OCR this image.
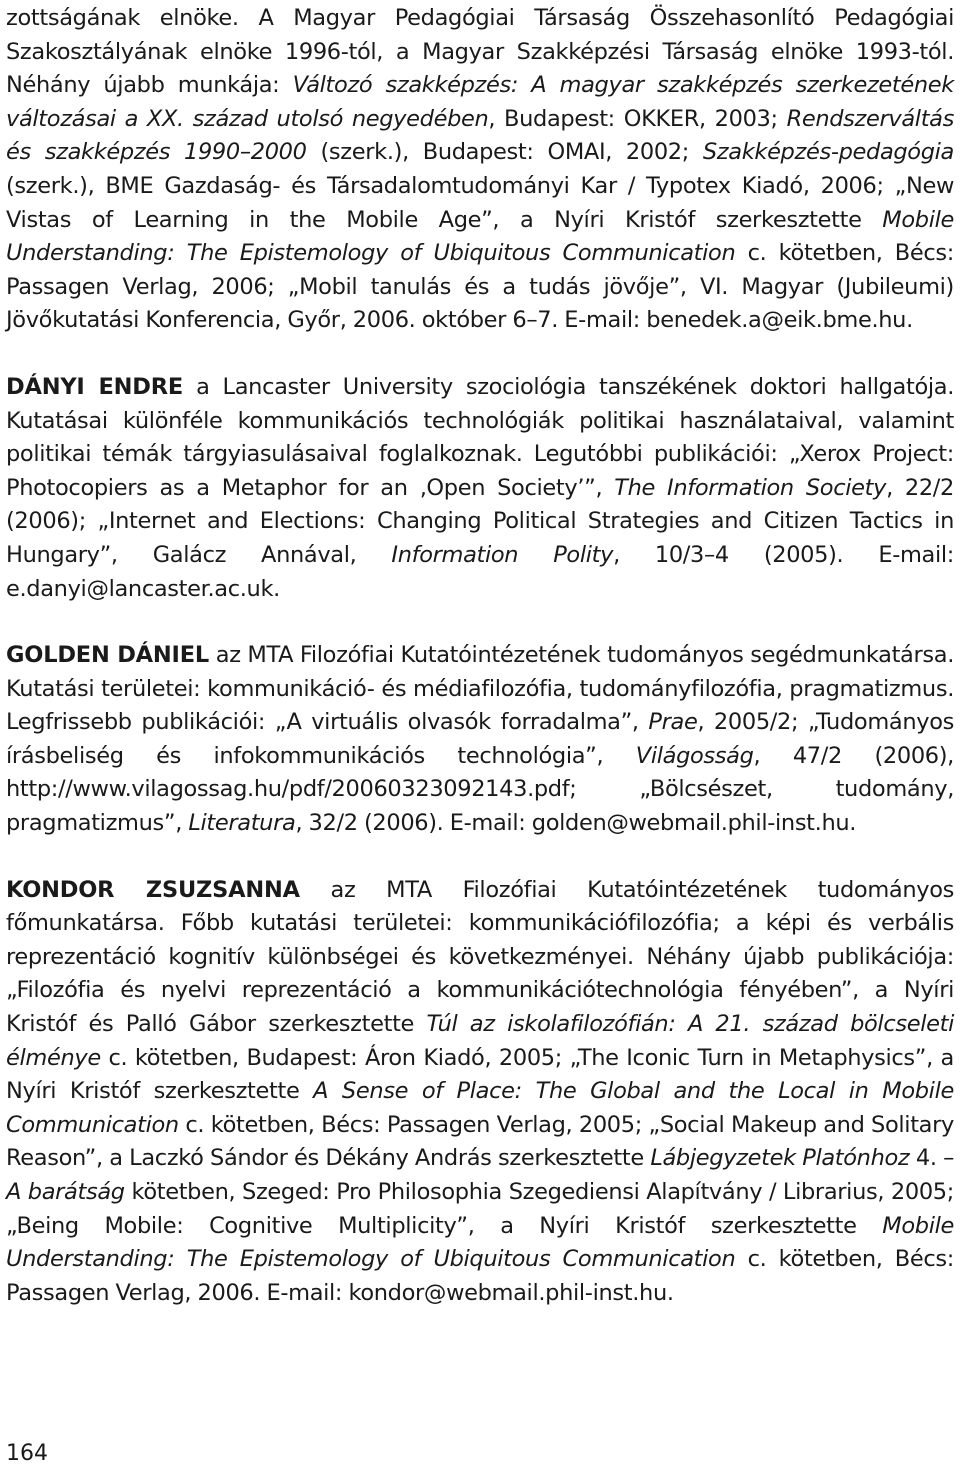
zottságának elnöke. A Magyar Pedagógiai Társaság Összehasonlító Pedagógiai Szakosztályának elnöke 1996-tól, a Magyar Szakképzési Társaság elnöke 1993-tól. Néhány újabb munkája: Változó szakképzés: A magyar szakképzés szerkezetének változásai a XX. század utolsó negyedében, Budapest: OKKER, 2003; Rendszerváltás és szakképzés 1990–2000 (szerk.), Budapest: OMAI, 2002; Szakképzés-pedagógia (szerk.), BME Gazdaság- és Társadalomtudományi Kar / Typotex Kiadó, 2006; „New Vistas of Learning in the Mobile Age”, a Nyíri Kristóf szerkesztette Mobile Understanding: The Epistemology of Ubiquitous Communication c. kötetben, Bécs: Passagen Verlag, 2006; „Mobil tanulás és a tudás jövője”, VI. Magyar (Jubileumi) Jövőkutatási Konferencia, Győr, 2006. október 6–7. E-mail: benedek.a@eik.bme.hu.

DÁNYI ENDRE a Lancaster University szociológia tanszékének doktori hallgatója. Kutatásai különféle kommunikációs technológiák politikai használataival, valamint politikai témák tárgyiasulásaival foglalkoznak. Legutóbbi publikációi: „Xerox Project: Photocopiers as a Metaphor for an ‚Open Society’”, The Information Society, 22/2 (2006); „Internet and Elections: Changing Political Strategies and Citizen Tactics in Hungary”, Galácz Annával, Information Polity, 10/3–4 (2005). E-mail: e.danyi@lancaster.ac.uk.

GOLDEN DÁNIEL az MTA Filozófiai Kutatóintézetének tudományos segédmunkatársa. Kutatási területei: kommunikáció- és médiafilozófia, tudományfilozófia, pragmatizmus. Legfrissebb publikációi: „A virtuális olvasók forradalma”, Prae, 2005/2; „Tudományos írásbeliség és infokommunikációs technológia”, Világosság, 47/2 (2006), http://www.vilagossag.hu/pdf/20060323092143.pdf; „Bölcsészet, tudomány, pragmatizmus”, Literatura, 32/2 (2006). E-mail: golden@webmail.phil-inst.hu.

KONDOR ZSUZSANNA az MTA Filozófiai Kutatóintézetének tudományos főmunkatársa. Főbb kutatási területei: kommunikációfilozófia; a képi és verbális reprezentáció kognitív különbségei és következményei. Néhány újabb publikációja: „Filozófia és nyelvi reprezentáció a kommunikációtechnológia fényében”, a Nyíri Kristóf és Palló Gábor szerkesztette Túl az iskolafilozófián: A 21. század bölcseleti élménye c. kötetben, Budapest: Áron Kiadó, 2005; „The Iconic Turn in Metaphysics”, a Nyíri Kristóf szerkesztette A Sense of Place: The Global and the Local in Mobile Communication c. kötetben, Bécs: Passagen Verlag, 2005; „Social Makeup and Solitary Reason”, a Laczkó Sándor és Dékány András szerkesztette Lábjegyzetek Platónhoz 4. – A barátság kötetben, Szeged: Pro Philosophia Szegediensi Alapítvány / Librarius, 2005; „Being Mobile: Cognitive Multiplicity”, a Nyíri Kristóf szerkesztette Mobile Understanding: The Epistemology of Ubiquitous Communication c. kötetben, Bécs: Passagen Verlag, 2006. E-mail: kondor@webmail.phil-inst.hu.

164
